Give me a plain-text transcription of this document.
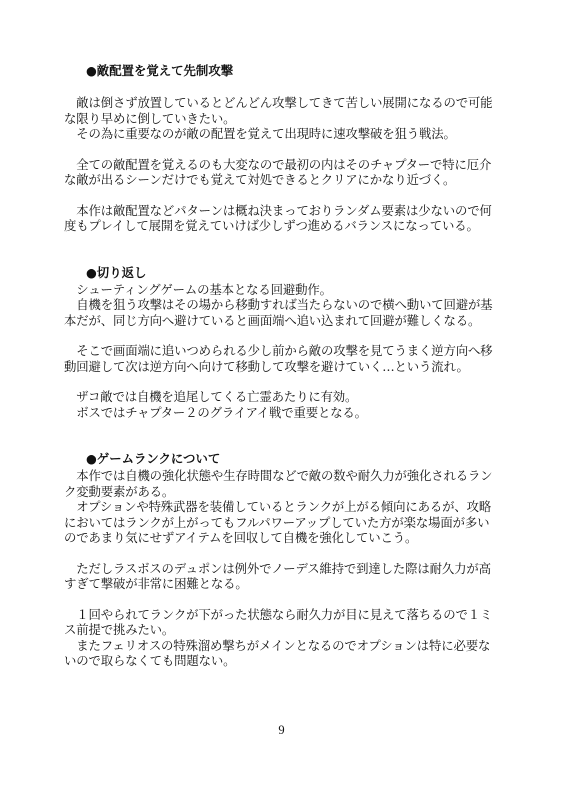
●敵配置を覚えて先制攻撃

　敵は倒さず放置しているとどんどん攻撃してきて苦しい展開になるので可能
な限り早めに倒していきたい。
　その為に重要なのが敵の配置を覚えて出現時に速攻撃破を狙う戦法。

　全ての敵配置を覚えるのも大変なので最初の内はそのチャプターで特に厄介
な敵が出るシーンだけでも覚えて対処できるとクリアにかなり近づく。

　本作は敵配置などパターンは概ね決まっておりランダム要素は少ないので何
度もプレイして展開を覚えていけば少しずつ進めるバランスになっている。

●切り返し

　シューティングゲームの基本となる回避動作。
　自機を狙う攻撃はその場から移動すれば当たらないので横へ動いて回避が基
本だが、同じ方向へ避けていると画面端へ追い込まれて回避が難しくなる。

　そこで画面端に追いつめられる少し前から敵の攻撃を見てうまく逆方向へ移
動回避して次は逆方向へ向けて移動して攻撃を避けていく…という流れ。

　ザコ敵では自機を追尾してくる亡霊あたりに有効。
　ボスではチャプター２のグライアイ戦で重要となる。

●ゲームランクについて

　本作では自機の強化状態や生存時間などで敵の数や耐久力が強化されるラン
ク変動要素がある。
　オプションや特殊武器を装備しているとランクが上がる傾向にあるが、攻略
においてはランクが上がってもフルパワーアップしていた方が楽な場面が多い
のであまり気にせずアイテムを回収して自機を強化していこう。

　ただしラスボスのデュポンは例外でノーデス維持で到達した際は耐久力が高
すぎて撃破が非常に困難となる。

　１回やられてランクが下がった状態なら耐久力が目に見えて落ちるので１ミ
ス前提で挑みたい。
　またフェリオスの特殊溜め撃ちがメインとなるのでオプションは特に必要な
いので取らなくても問題ない。

9
